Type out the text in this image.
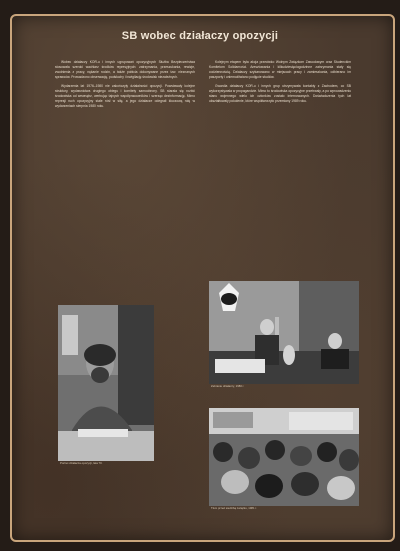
SB wobec działaczy opozycji

Wobec działaczy KOR-u i innych ugrupowań opozycyjnych Służba Bezpieczeństwa stosowała szeroki wachlarz środków represyjnych: zatrzymania, przeszukania, rewizje, zwolnienia z pracy, nękanie rodzin, a także pobicia dokonywane przez tzw. nieznanych sprawców. Prowadzono obserwację, podsłuchy i inwigilację środowisk niezależnych.

Wydarzenia lat 1976–1980 nie zakończyły działalności opozycji. Powstawały kolejne struktury, wydawnictwa drugiego obiegu i komitety samoobrony. SB starała się rozbić środowiska od wewnątrz, werbując tajnych współpracowników i szerząc dezinformację. Mimo represji ruch opozycyjny stale rósł w siłę, a jego działacze odegrali kluczową rolę w wydarzeniach sierpnia 1980 roku.

Kolejnym etapem była akcja przeciwko Wolnym Związkom Zawodowym oraz Studenckim Komitetom Solidarności. Aresztowania i kilkudziesięciogodzinne zatrzymania stały się codziennością. Działaczy szykanowano w miejscach pracy i zamieszkania, odbierano im paszporty i uniemożliwiano podjęcie studiów.

Gwardia działaczy KOR-u i innych grup utrzymywała kontakty z Zachodem, co SB wykorzystywała w propagandzie. Mimo to środowiska opozycyjne przetrwały, a po wprowadzeniu stanu wojennego wielu ich członków zostało internowanych. Doświadczenia tych lat ukształtowały pokolenie, które współtworzyło przemiany 1989 roku.

Portret działacza opozycji, lata 70.
Zebranie działaczy, 1980 r.
Tłum przed siedzibą związku, 1981 r.
